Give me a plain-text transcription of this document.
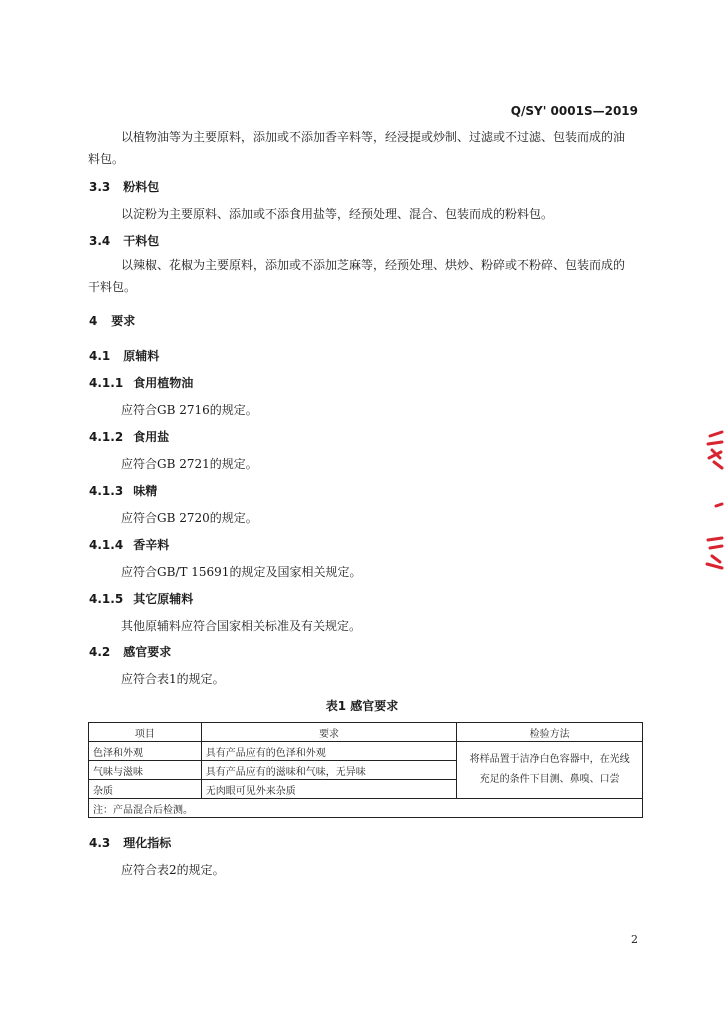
Q/SY' 0001S—2019
以植物油等为主要原料，添加或不添加香辛料等，经浸提或炒制、过滤或不过滤、包装而成的油料包。
3.3 粉料包
以淀粉为主要原料、添加或不添食用盐等，经预处理、混合、包装而成的粉料包。
3.4 干料包
以辣椒、花椒为主要原料，添加或不添加芝麻等，经预处理、烘炒、粉碎或不粉碎、包装而成的干料包。
4 要求
4.1 原辅料
4.1.1 食用植物油
应符合GB 2716的规定。
4.1.2 食用盐
应符合GB 2721的规定。
4.1.3 味精
应符合GB 2720的规定。
4.1.4 香辛料
应符合GB/T 15691的规定及国家相关规定。
4.1.5 其它原辅料
其他原辅料应符合国家相关标准及有关规定。
4.2 感官要求
应符合表1的规定。
表1 感官要求
项目	要求	检验方法
色泽和外观	具有产品应有的色泽和外观	将样品置于洁净白色容器中，在光线充足的条件下目测、鼻嗅、口尝
气味与滋味	具有产品应有的滋味和气味，无异味	
杂质	无肉眼可见外来杂质	
注：产品混合后检测。		
4.3 理化指标
应符合表2的规定。
2
